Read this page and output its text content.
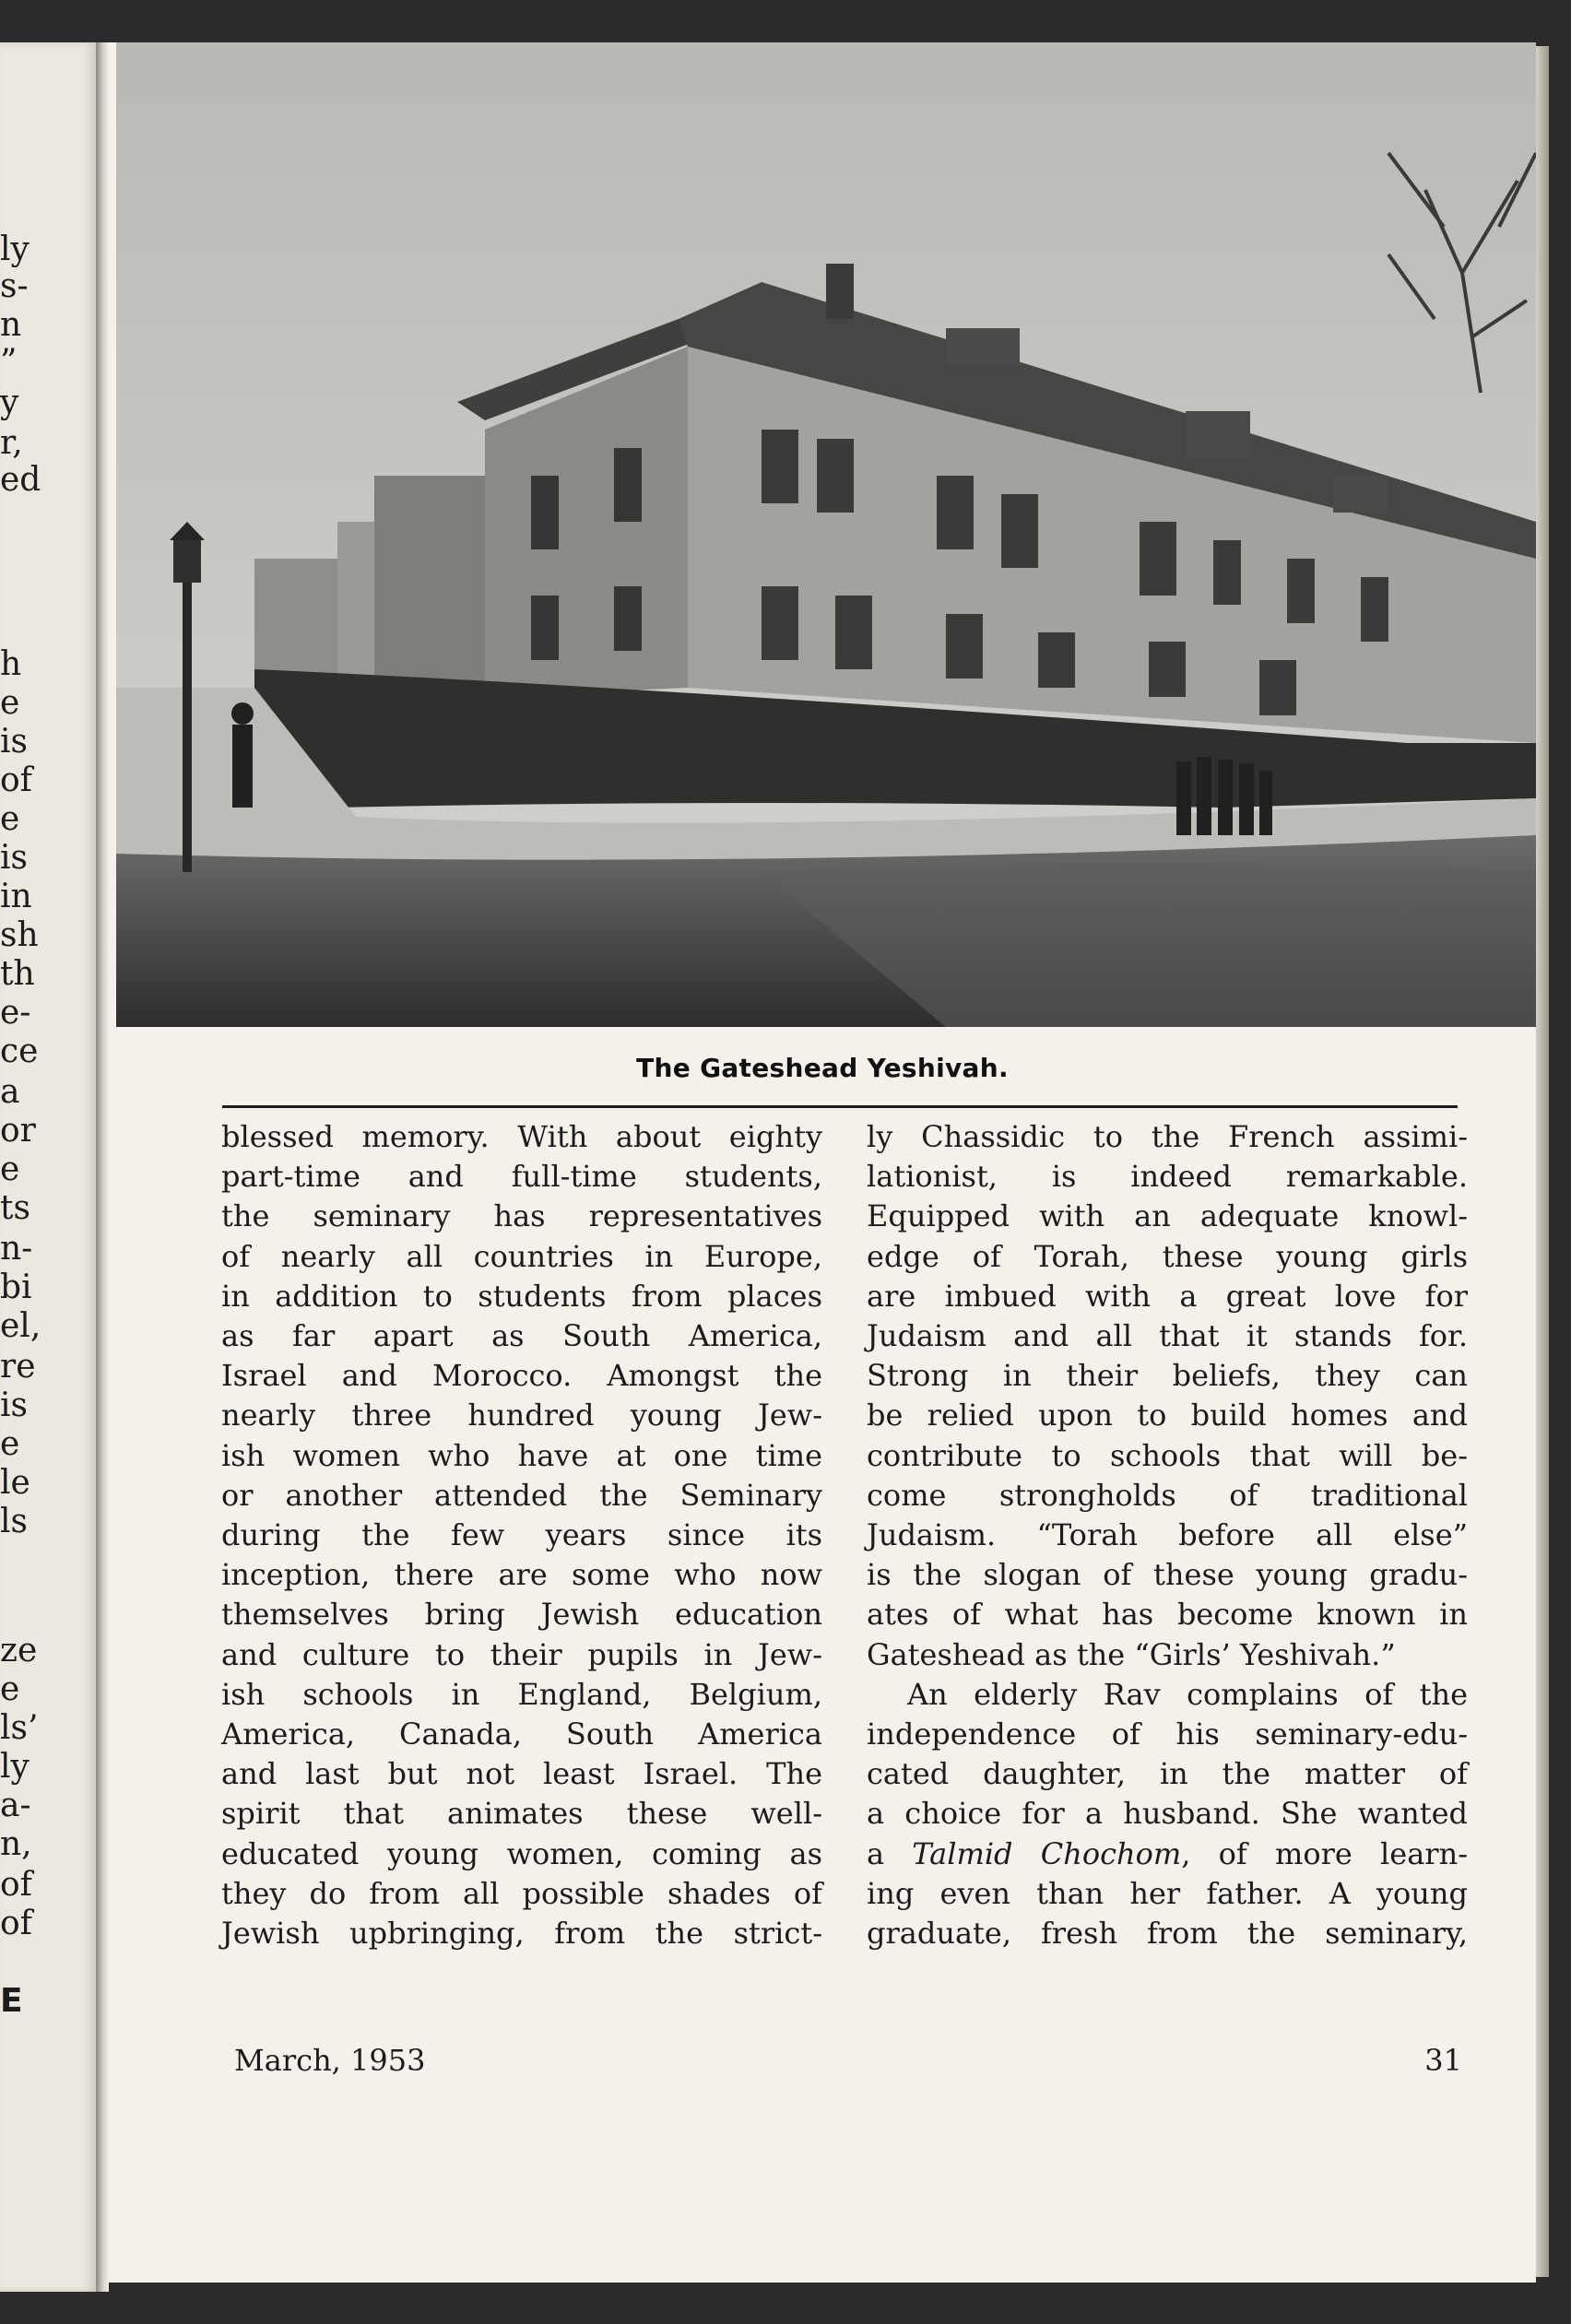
ly
s-
n
”
y
r,
ed
h
e
is
of
e
is
in
sh
th
e-
ce
a
or
e
ts
n-
bi
el,
re
is
e
le
ls
ze
e
ls’
ly
a-
n,
of
of
E
The Gateshead Yeshivah.
blessed memory. With about eighty
part-time and full-time students,
the seminary has representatives
of nearly all countries in Europe,
in addition to students from places
as far apart as South America,
Israel and Morocco. Amongst the
nearly three hundred young Jew-
ish women who have at one time
or another attended the Seminary
during the few years since its
inception, there are some who now
themselves bring Jewish education
and culture to their pupils in Jew-
ish schools in England, Belgium,
America, Canada, South America
and last but not least Israel. The
spirit that animates these well-
educated young women, coming as
they do from all possible shades of
Jewish upbringing, from the strict-
ly Chassidic to the French assimi-
lationist, is indeed remarkable.
Equipped with an adequate knowl-
edge of Torah, these young girls
are imbued with a great love for
Judaism and all that it stands for.
Strong in their beliefs, they can
be relied upon to build homes and
contribute to schools that will be-
come strongholds of traditional
Judaism. “Torah before all else”
is the slogan of these young gradu-
ates of what has become known in
Gateshead as the “Girls’ Yeshivah.”
An elderly Rav complains of the
independence of his seminary-edu-
cated daughter, in the matter of
a choice for a husband. She wanted
a Talmid Chochom, of more learn-
ing even than her father. A young
graduate, fresh from the seminary,
March, 1953	31
